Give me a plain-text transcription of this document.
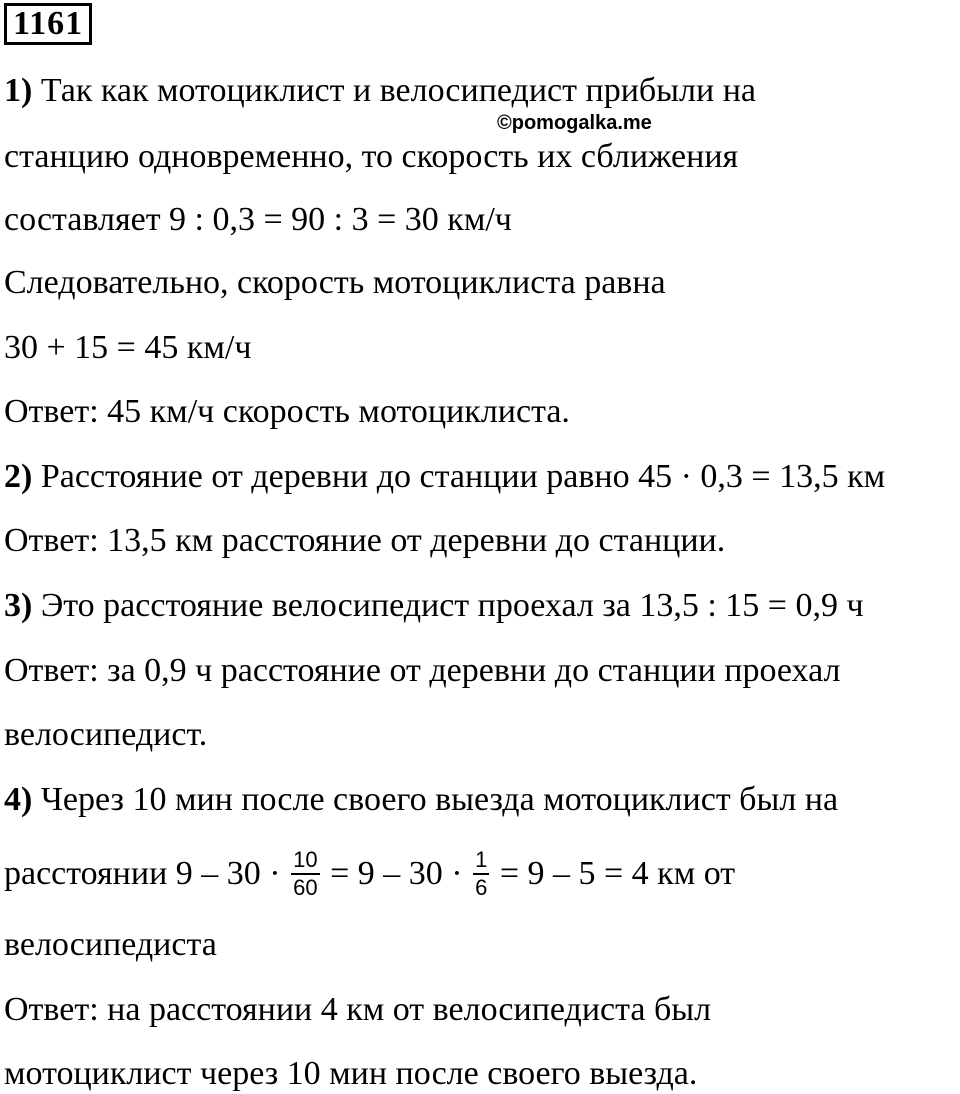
1161
©pomogalka.me
1) Так как мотоциклист и велосипедист прибыли на
станцию одновременно, то скорость их сближения
составляет 9 : 0,3 = 90 : 3 = 30 км/ч
Следовательно, скорость мотоциклиста равна
30 + 15 = 45 км/ч
Ответ: 45 км/ч скорость мотоциклиста.
2) Расстояние от деревни до станции равно 45 · 0,3 = 13,5 км
Ответ: 13,5 км расстояние от деревни до станции.
3) Это расстояние велосипедист проехал за 13,5 : 15 = 0,9 ч
Ответ: за 0,9 ч расстояние от деревни до станции проехал
велосипедист.
4) Через 10 мин после своего выезда мотоциклист был на
расстоянии $9 - 30 \cdot \frac{10}{60} = 9 - 30 \cdot \frac{1}{6} = 9 - 5 = 4$ км от
велосипедиста
Ответ: на расстоянии 4 км от велосипедиста был
мотоциклист через 10 мин после своего выезда.
